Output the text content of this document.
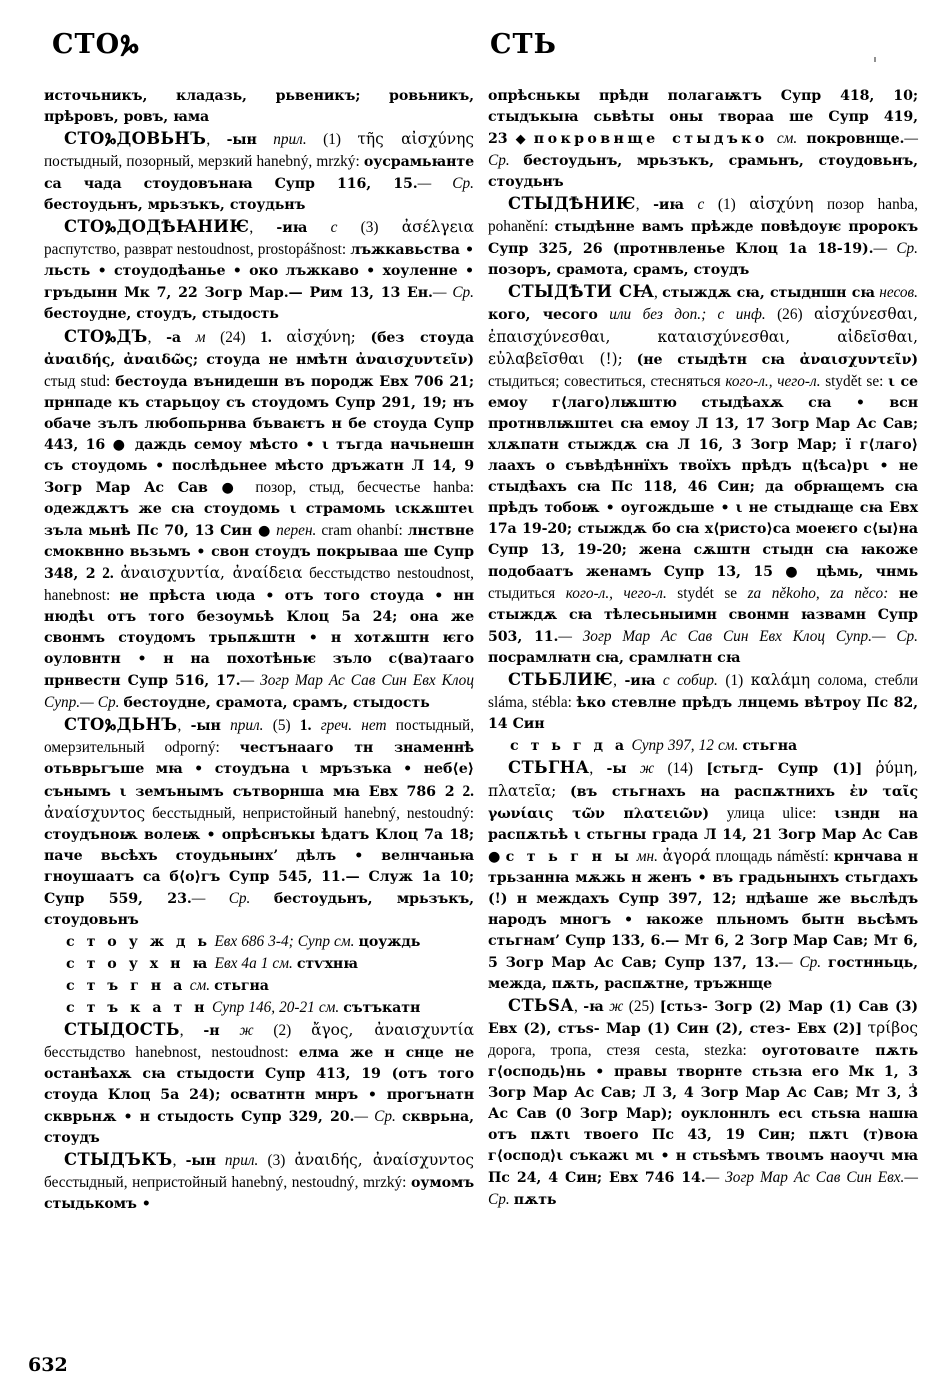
СТОⰃ	СТЬ

источьникъ, кладазь, рьвеникъ; ровьникъ, прѣровъ, ровъ, ꙗма

СТОⰃДОВЬНЪ, -ын прил. (1) τῆς αἰσχύνης постыдный, позорный, мерзкий hanebný, mrzký: оусрамьꙗнте са чада стоудовънаꙗ Супр 116, 15.— Ср. бестоудьнъ, мрьзъкъ, стоудьнъ

СТОⰃДОДѢꙖНИѤ, -иꙗ с (3) ἀσέλγεια распутство, разврат nestoudnost, prostopášnost: лъжкавьства • льсть • стоудодѣанье • око лъжкаво • хоуленне • гръдынн Мк 7, 22 Зогр Мар.— Рим 13, 13 Ен.— Ср. бестоудне, стоудъ, стыдость

СТОⰃДЪ, -а м (24) 1. αἰσχύνη; (без стоуда ἀναιδής, ἀναιδῶς; стоуда не нмѣтн ἀναισχυντεῖν) стыд stud: бестоуда вънидешн въ породж Евх 706 21; прнпаде къ старьцоу съ стоудомъ Супр 291, 19; нъ обаче зълъ любопьрнва бъваѥтъ н бе стоуда Супр 443, 16 ● даждь семоу мѣсто • ι тъгда начьнешн съ стоудомь • послѣдьнее мѣсто дръжатн Л 14, 9 Зогр Мар Ас Сав ● позор, стыд, бесчестье hanba: одеждѫтъ же сꙗ стоудомь ι страмомь ιскѫштеι зъла мьнѣ Пс 70, 13 Син ● перен. cram ohanbí: лнствне смоквнно вьзьмъ • свон стоудъ покрываа ше Супр 348, 2 2. ἀναισχυντία, ἀναίδεια бесстыдство nestoudnost, hanebnost: не прѣста ιюда • отъ того стоуда • нн нюдѣι отъ того безоумьѣ Клоц 5а 24; она же свонмъ стоудомъ трьпѫштн • н хотѫштн ѥго оуловнтн • н на похотѣньѥ зъло с(ва)тааго прнвестн Супр 516, 17.— Зогр Мар Ас Сав Син Евх Клоц Супр.— Ср. бестоудне, срамота, срамъ, стыдость

СТОⰃДЬНЪ, -ын прил. (5) 1. греч. нет постыдный, омерзительный odporný: честънааго тн знаменнѣ отьврьгъше мꙗ • стоудъна ι мръзъка • неб⟨е⟩сънымъ ι земънымъ сътворнша мꙗ Евх 786 2 2. ἀναίσχυντος бесстыдный, непристойный hanebný, nestoudný: стоудъноѭ волеѭ • опрѣснъкы ѣдатъ Клоц 7а 18; паче вьсѣхъ стоудьнынх’ дѣлъ • велнчаньꙗ гноушаатъ са б⟨о⟩гъ Супр 545, 11.— Служ 1а 10; Супр 559, 23.— Ср. бестоудьнъ, мрьзъкъ, стоудовьнъ

с т о у ж д ь Евх 686 3-4; Супр см. цоуждь

с т о у х н ꙗ Евх 4а 1 см. стѵхнꙗ

с т ъ г н а см. стьгна

с т ъ к а т н Супр 146, 20-21 см. сътъкатн

СТЫДОСТЬ, -н ж (2) ἄγος, ἀναισχυντία бесстыдство hanebnost, nestoudnost: елма же н снце не останѣахѫ сꙗ стыдости Супр 413, 19 (отъ того стоуда Клоц 5а 24); осватнтн мнръ • прогънатн скврьнѫ • н стыдость Супр 329, 20.— Ср. скврьна, стоудъ

СТЫДЪКЪ, -ын прил. (3) ἀναιδής, ἀναίσχυντος бесстыдный, непристойный hanebný, nestoudný, mrzký: оумомъ стыдькомъ •

опрѣснькы прѣдн полагаѭтъ Супр 418, 10; стыдъкыꙗ сьвѣты оны твораа ше Супр 419, 23 ◆ покровнще стыдъко см. покровнще.— Ср. бестоудьнъ, мрьзъкъ, срамьнъ, стоудовьнъ, стоудьнъ

СТЫДѢНИѤ, -иꙗ с (1) αἰσχύνη позор hanba, pohanění: стыдѣнне вамъ прѣжде повѣдоуѥ пророкъ Супр 325, 26 (протнвленье Клоц 1а 18-19).— Ср. позоръ, срамота, срамъ, стоудъ

СТЫДѢТИ СꙖ, стыждѫ сꙗ, стыдншн сꙗ несов. кого, чесого или без доп.; с инф. (26) αἰσχύνεσθαι, ἐπαισχύνεσθαι, καταισχύνεσθαι, αἰδεῖσθαι, εὐλαβεῖσθαι (!); (не стыдѣтн сꙗ ἀναισχυντεῖν) стыдиться; совеститься, стесняться кого-л., чего-л. stydět se: ι се емоу г⟨лаго⟩лѭштю стыдѣахѫ сꙗ • всн протнвлѭштеι сꙗ емоу Л 13, 17 Зогр Мар Ас Сав; хлѫпатн стыждѫ сꙗ Л 16, 3 Зогр Мар; ï г⟨лаго⟩лаахъ о съвѣдѣннïхъ твоïхъ прѣдъ ц⟨ѣса⟩рι • не стыдѣахъ сꙗ Пс 118, 46 Син; да обрꙗщемъ сꙗ прѣдъ тобоѭ • оугождьше • ι не стыдꙗще сꙗ Евх 17а 19-20; стыждѫ бо сꙗ х⟨ристо⟩са моеѥго с⟨ы⟩на Супр 13, 19-20; жена сѫштн стыдн сꙗ ꙗкоже подобаатъ женамъ Супр 13, 15 ● цѣмь, чнмь стыдиться кого-л., чего-л. stydét se za někoho, za něco: не стыждѫ сꙗ тѣлесьныимн свонмн ꙗзвамн Супр 503, 11.— Зогр Мар Ас Сав Син Евх Клоц Супр.— Ср. посрамлꙗтн сꙗ, срамлꙗтн сꙗ

СТЬБЛИѤ, -иꙗ с собир. (1) καλάμη солома, стебли sláma, stébla: ѣко стевлне прѣдъ лнцемь вѣтроу Пс 82, 14 Син

с т ь г д а Супр 397, 12 см. стьгна

СТЬГНА, -ы ж (14) [стьгд- Супр (1)] ῥύμη, πλατεῖα; (въ стьгнахъ на распѫтнихъ ἐν ταῖς γωνίαις τῶν πλατειῶν) улица ulice: ιзндн на распѫтьѣ ι стьгны града Л 14, 21 Зогр Мар Ас Сав ● с т ь г н ы мн. ἀγορά площадь náměstí: крнчава н трьзаннꙗ мѫжь н женъ • въ градьнынхъ стьгдахъ (!) н междахъ Супр 397, 12; ндѣаше же вьслѣдъ народъ многъ • ꙗкоже пльномъ бытн вьсѣмъ стьгнам’ Супр 133, 6.— Мт 6, 2 Зогр Мар Сав; Мт 6, 5 Зогр Мар Ас Сав; Супр 137, 13.— Ср. гостнньць, межда, пѫть, распѫтне, тръжнще

СТЬЅА, -ꙗ ж (25) [стьз- Зогр (2) Мар (1) Сав (3) Евх (2), стъѕ- Мар (1) Син (2), стез- Евх (2)] τρίβος дорога, тропа, стезя cesta, stezka: оуготоваιте пѫть г⟨осподь⟩нь • правы творнте стьзꙗ его Мк 1, 3 Зогр Мар Ас Сав; Л 3, 4 Зогр Мар Ас Сав; Мт 3, 3 Ас Сав (0 Зогр Мар); оуклоннлъ есι стьѕꙗ нашꙗ отъ пѫтι твоего Пс 43, 19 Син; пѫтι (т)воꙗ г⟨оспод⟩ι съкажι мι • н стьѕѣмъ твоιмъ наоучι мꙗ Пс 24, 4 Син; Евх 746 14.— Зогр Мар Ас Сав Син Евх.— Ср. пѫть

632
